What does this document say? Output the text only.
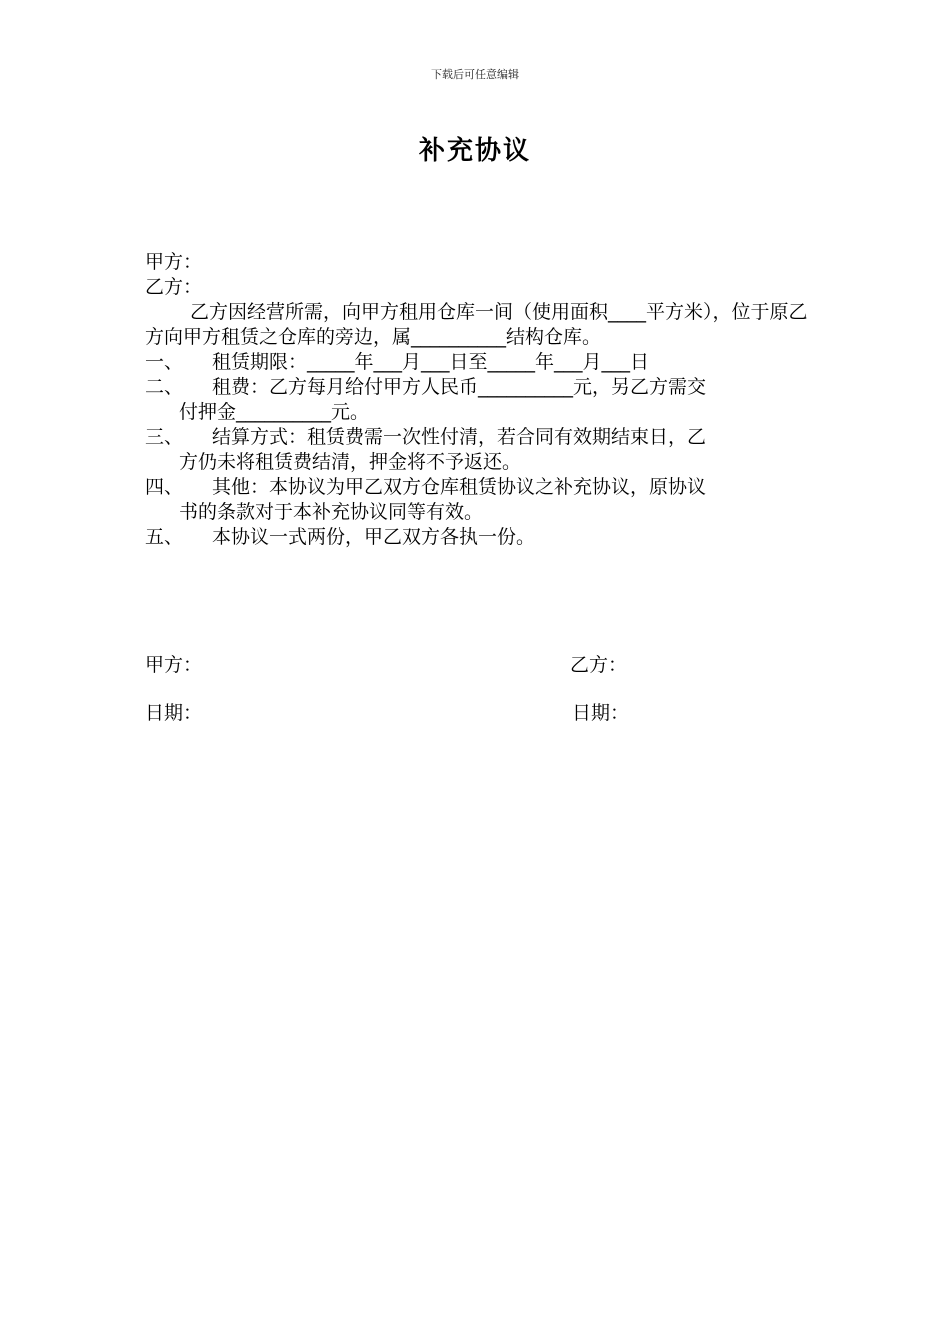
下载后可任意编辑
补充协议
甲方：
乙方：
乙方因经营所需，向甲方租用仓库一间（使用面积____平方米），位于原乙方向甲方租赁之仓库的旁边，属__________结构仓库。
一、	租赁期限：_____年___月___日至_____年___月___日
二、	租费：乙方每月给付甲方人民币__________元，另乙方需交
付押金__________元。
三、	结算方式：租赁费需一次性付清，若合同有效期结束日，乙
方仍未将租赁费结清，押金将不予返还。
四、	其他：本协议为甲乙双方仓库租赁协议之补充协议，原协议
书的条款对于本补充协议同等有效。
五、	本协议一式两份，甲乙双方各执一份。
甲方：	乙方：
日期：	日期：
